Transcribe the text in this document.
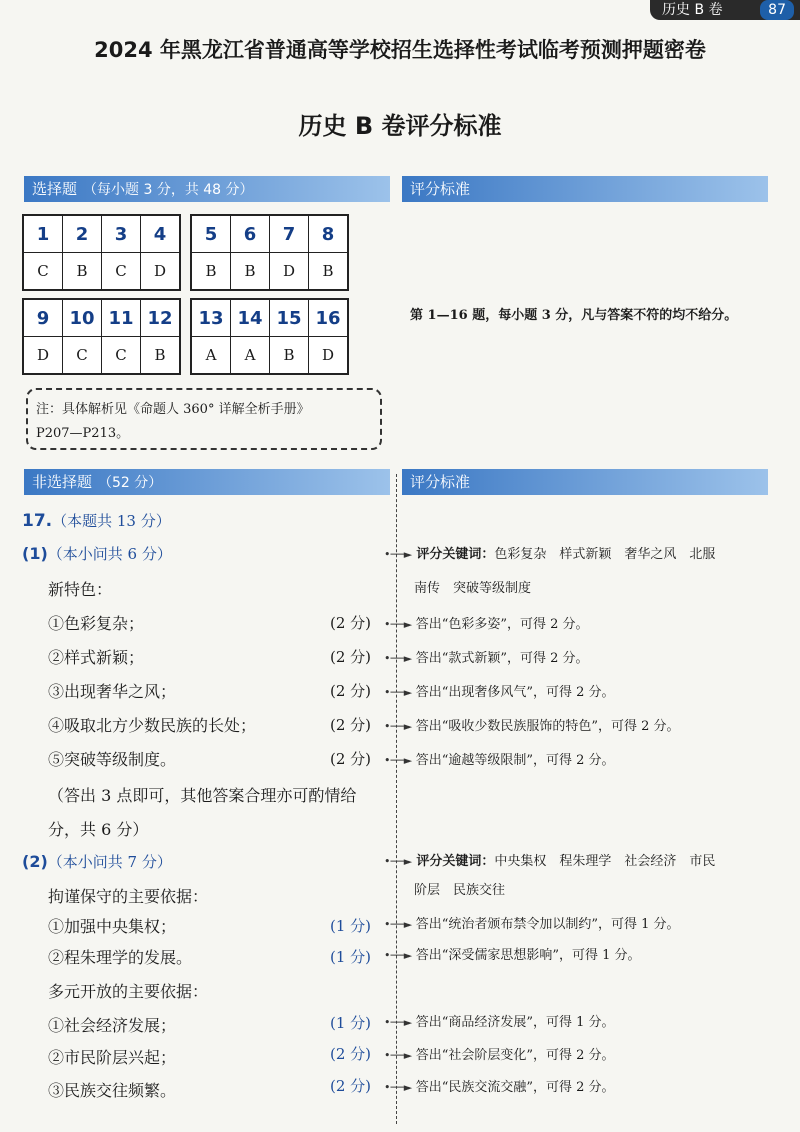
历史 B 卷	87
2024 年黑龙江省普通高等学校招生选择性考试临考预测押题密卷
历史 B 卷评分标准
选择题 （每小题 3 分，共 48 分）	评分标准
1	2	3	4
C	B	C	D
5	6	7	8
B	B	D	B
9	10	11	12
D	C	C	B
13	14	15	16
A	A	B	D
第 1—16 题，每小题 3 分，凡与答案不符的均不给分。
注：具体解析见《命题人 360° 详解全析手册》
P207—P213。
非选择题 （52 分）	评分标准
17.（本题共 13 分）
(1)（本小问共 6 分）	•──► 评分关键词：色彩复杂　样式新颖　奢华之风　北服
南传　突破等级制度
新特色：
①色彩复杂；	(2 分) •──► 答出“色彩多姿”，可得 2 分。
②样式新颖；	(2 分) •──► 答出“款式新颖”，可得 2 分。
③出现奢华之风；	(2 分) •──► 答出“出现奢侈风气”，可得 2 分。
④吸取北方少数民族的长处；	(2 分) •──► 答出“吸收少数民族服饰的特色”，可得 2 分。
⑤突破等级制度。	(2 分) •──► 答出“逾越等级限制”，可得 2 分。
（答出 3 点即可，其他答案合理亦可酌情给
分，共 6 分）
(2)（本小问共 7 分）	•──► 评分关键词：中央集权　程朱理学　社会经济　市民
阶层　民族交往
拘谨保守的主要依据：
①加强中央集权；	(1 分) •──► 答出“统治者颁布禁令加以制约”，可得 1 分。
②程朱理学的发展。	(1 分) •──► 答出“深受儒家思想影响”，可得 1 分。
多元开放的主要依据：
①社会经济发展；	(1 分) •──► 答出“商品经济发展”，可得 1 分。
②市民阶层兴起；	(2 分) •──► 答出“社会阶层变化”，可得 2 分。
③民族交往频繁。	(2 分) •──► 答出“民族交流交融”，可得 2 分。
